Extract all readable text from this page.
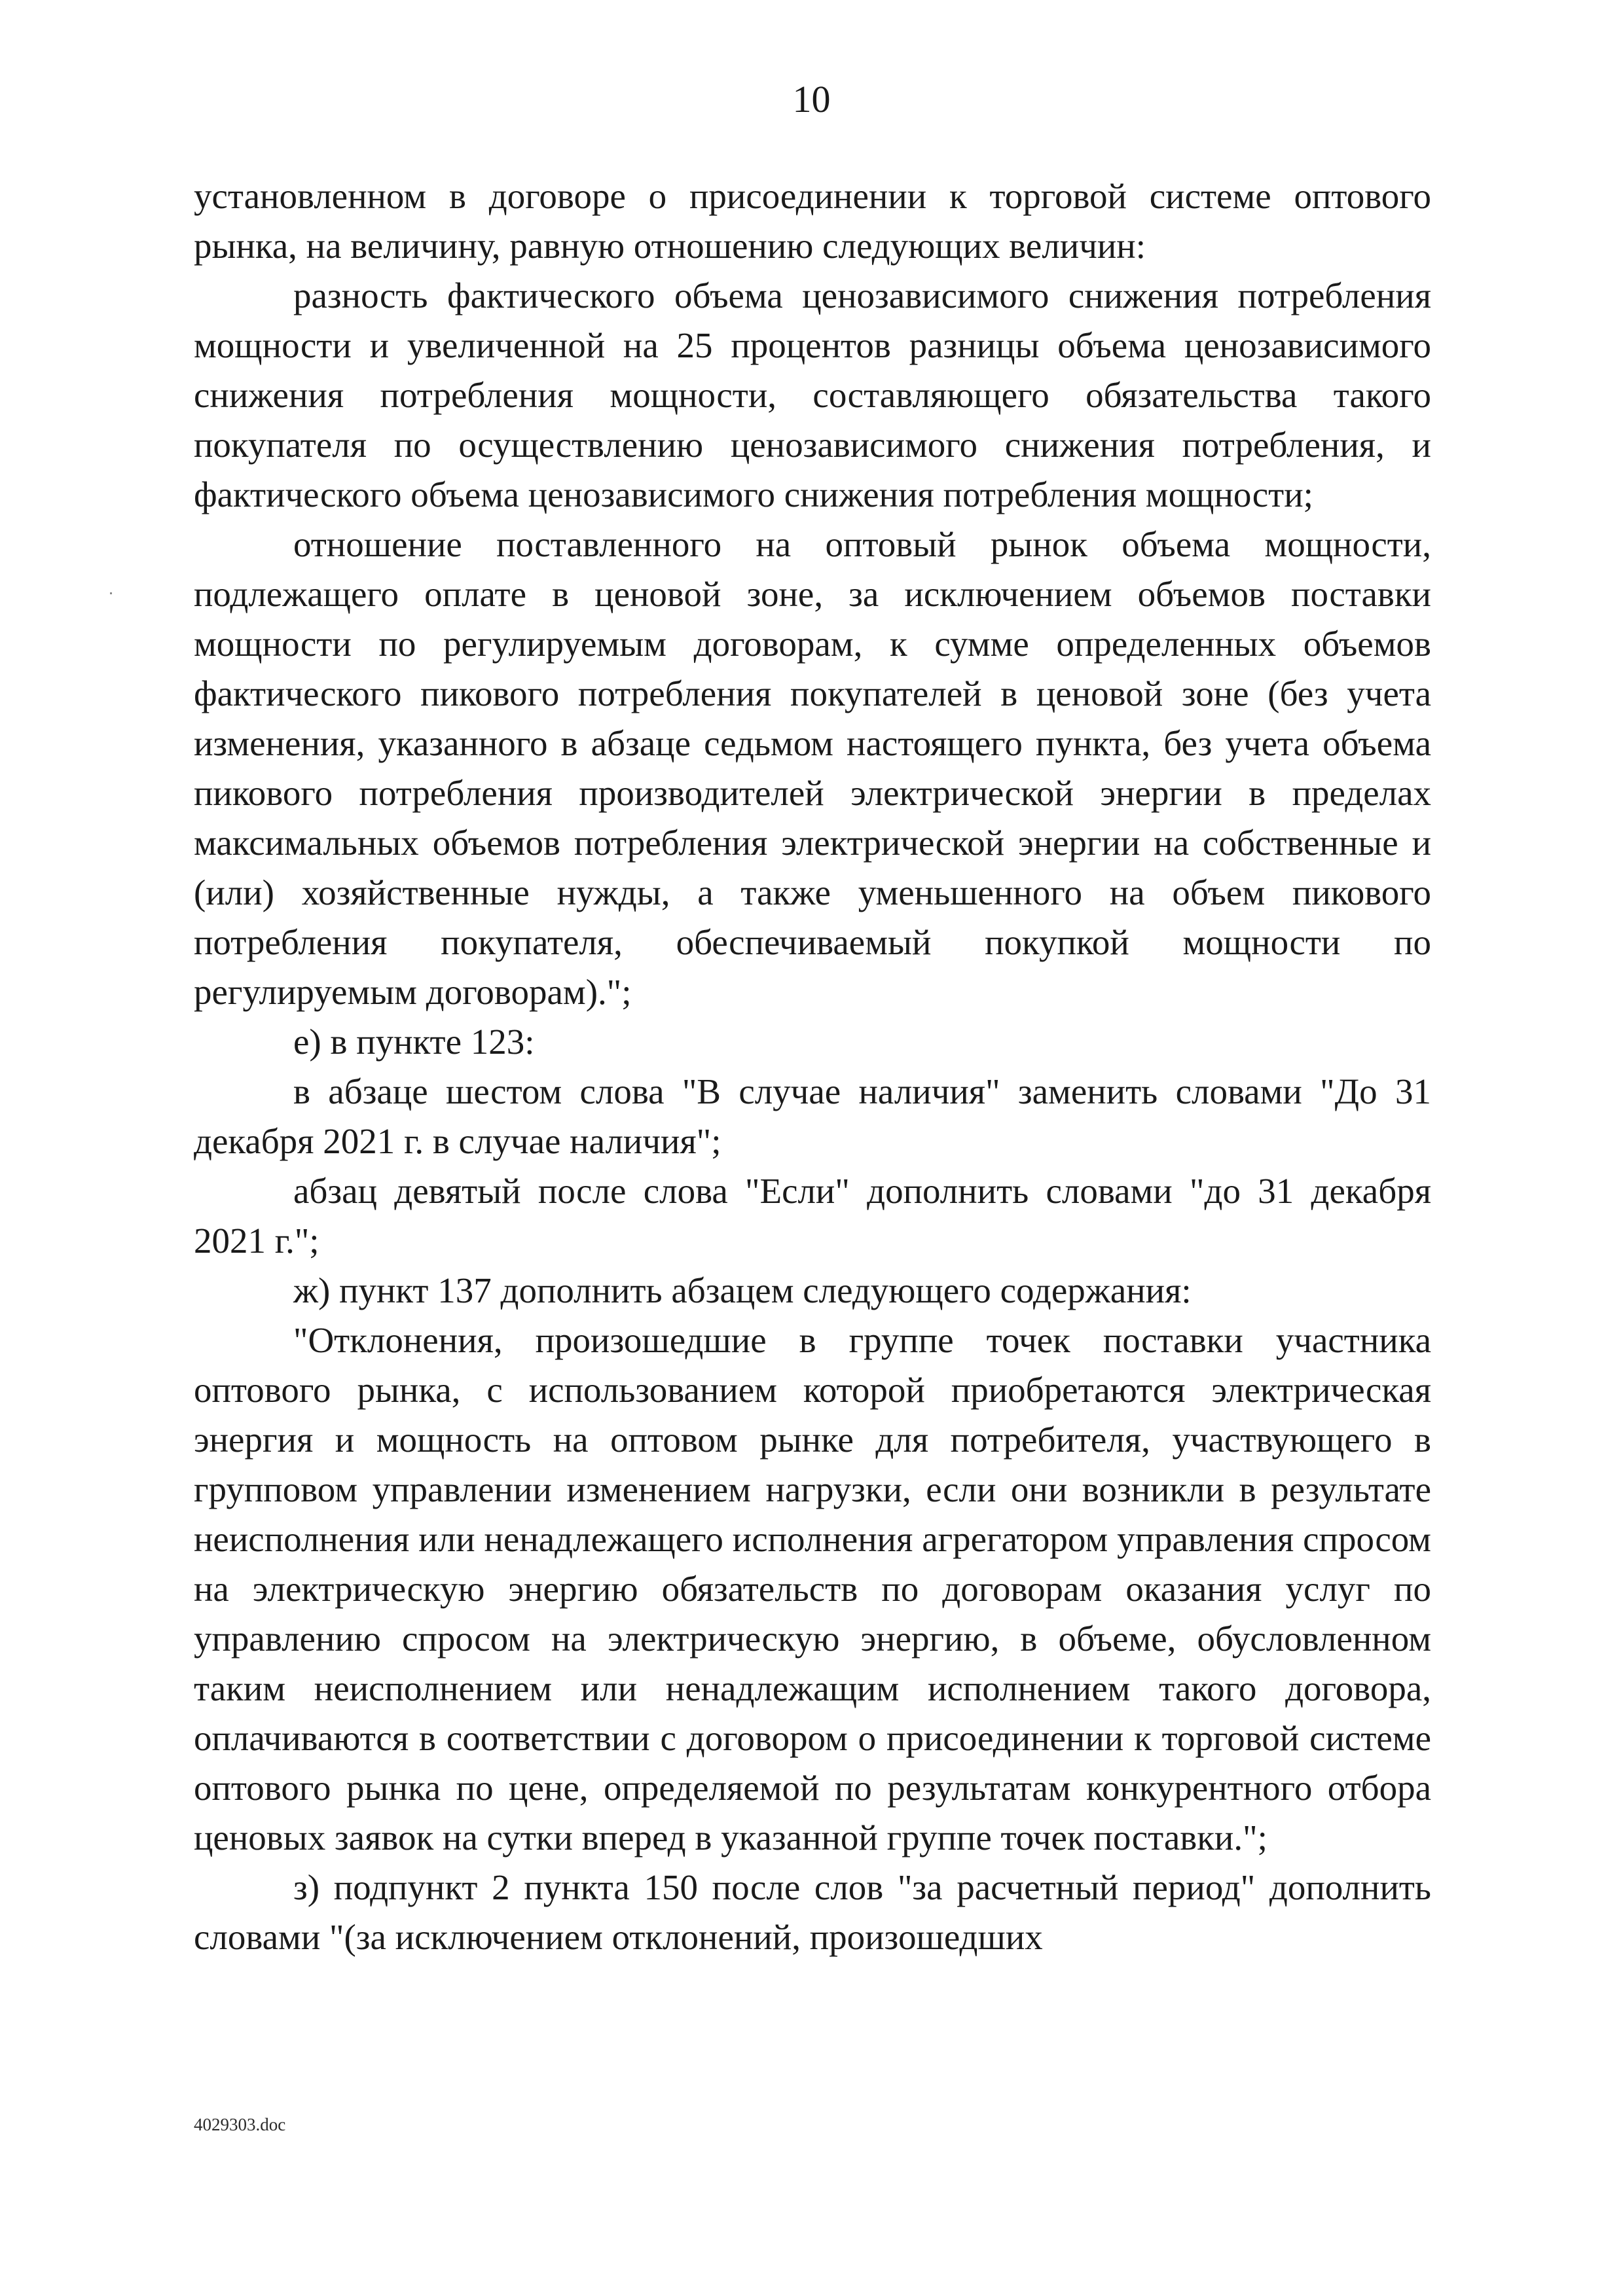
10

установленном в договоре о присоединении к торговой системе оптового рынка, на величину, равную отношению следующих величин:

разность фактического объема ценозависимого снижения потребления мощности и увеличенной на 25 процентов разницы объема ценозависимого снижения потребления мощности, составляющего обязательства такого покупателя по осуществлению ценозависимого снижения потребления, и фактического объема ценозависимого снижения потребления мощности;

отношение поставленного на оптовый рынок объема мощности, подлежащего оплате в ценовой зоне, за исключением объемов поставки мощности по регулируемым договорам, к сумме определенных объемов фактического пикового потребления покупателей в ценовой зоне (без учета изменения, указанного в абзаце седьмом настоящего пункта, без учета объема пикового потребления производителей электрической энергии в пределах максимальных объемов потребления электрической энергии на собственные и (или) хозяйственные нужды, а также уменьшенного на объем пикового потребления покупателя, обеспечиваемый покупкой мощности по регулируемым договорам).";

е) в пункте 123:

в абзаце шестом слова "В случае наличия" заменить словами "До 31 декабря 2021 г. в случае наличия";

абзац девятый после слова "Если" дополнить словами "до 31 декабря 2021 г.";

ж) пункт 137 дополнить абзацем следующего содержания:

"Отклонения, произошедшие в группе точек поставки участника оптового рынка, с использованием которой приобретаются электрическая энергия и мощность на оптовом рынке для потребителя, участвующего в групповом управлении изменением нагрузки, если они возникли в результате неисполнения или ненадлежащего исполнения агрегатором управления спросом на электрическую энергию обязательств по договорам оказания услуг по управлению спросом на электрическую энергию, в объеме, обусловленном таким неисполнением или ненадлежащим исполнением такого договора, оплачиваются в соответствии с договором о присоединении к торговой системе оптового рынка по цене, определяемой по результатам конкурентного отбора ценовых заявок на сутки вперед в указанной группе точек поставки.";

з) подпункт 2 пункта 150 после слов "за расчетный период" дополнить словами "(за исключением отклонений, произошедших

4029303.doc
